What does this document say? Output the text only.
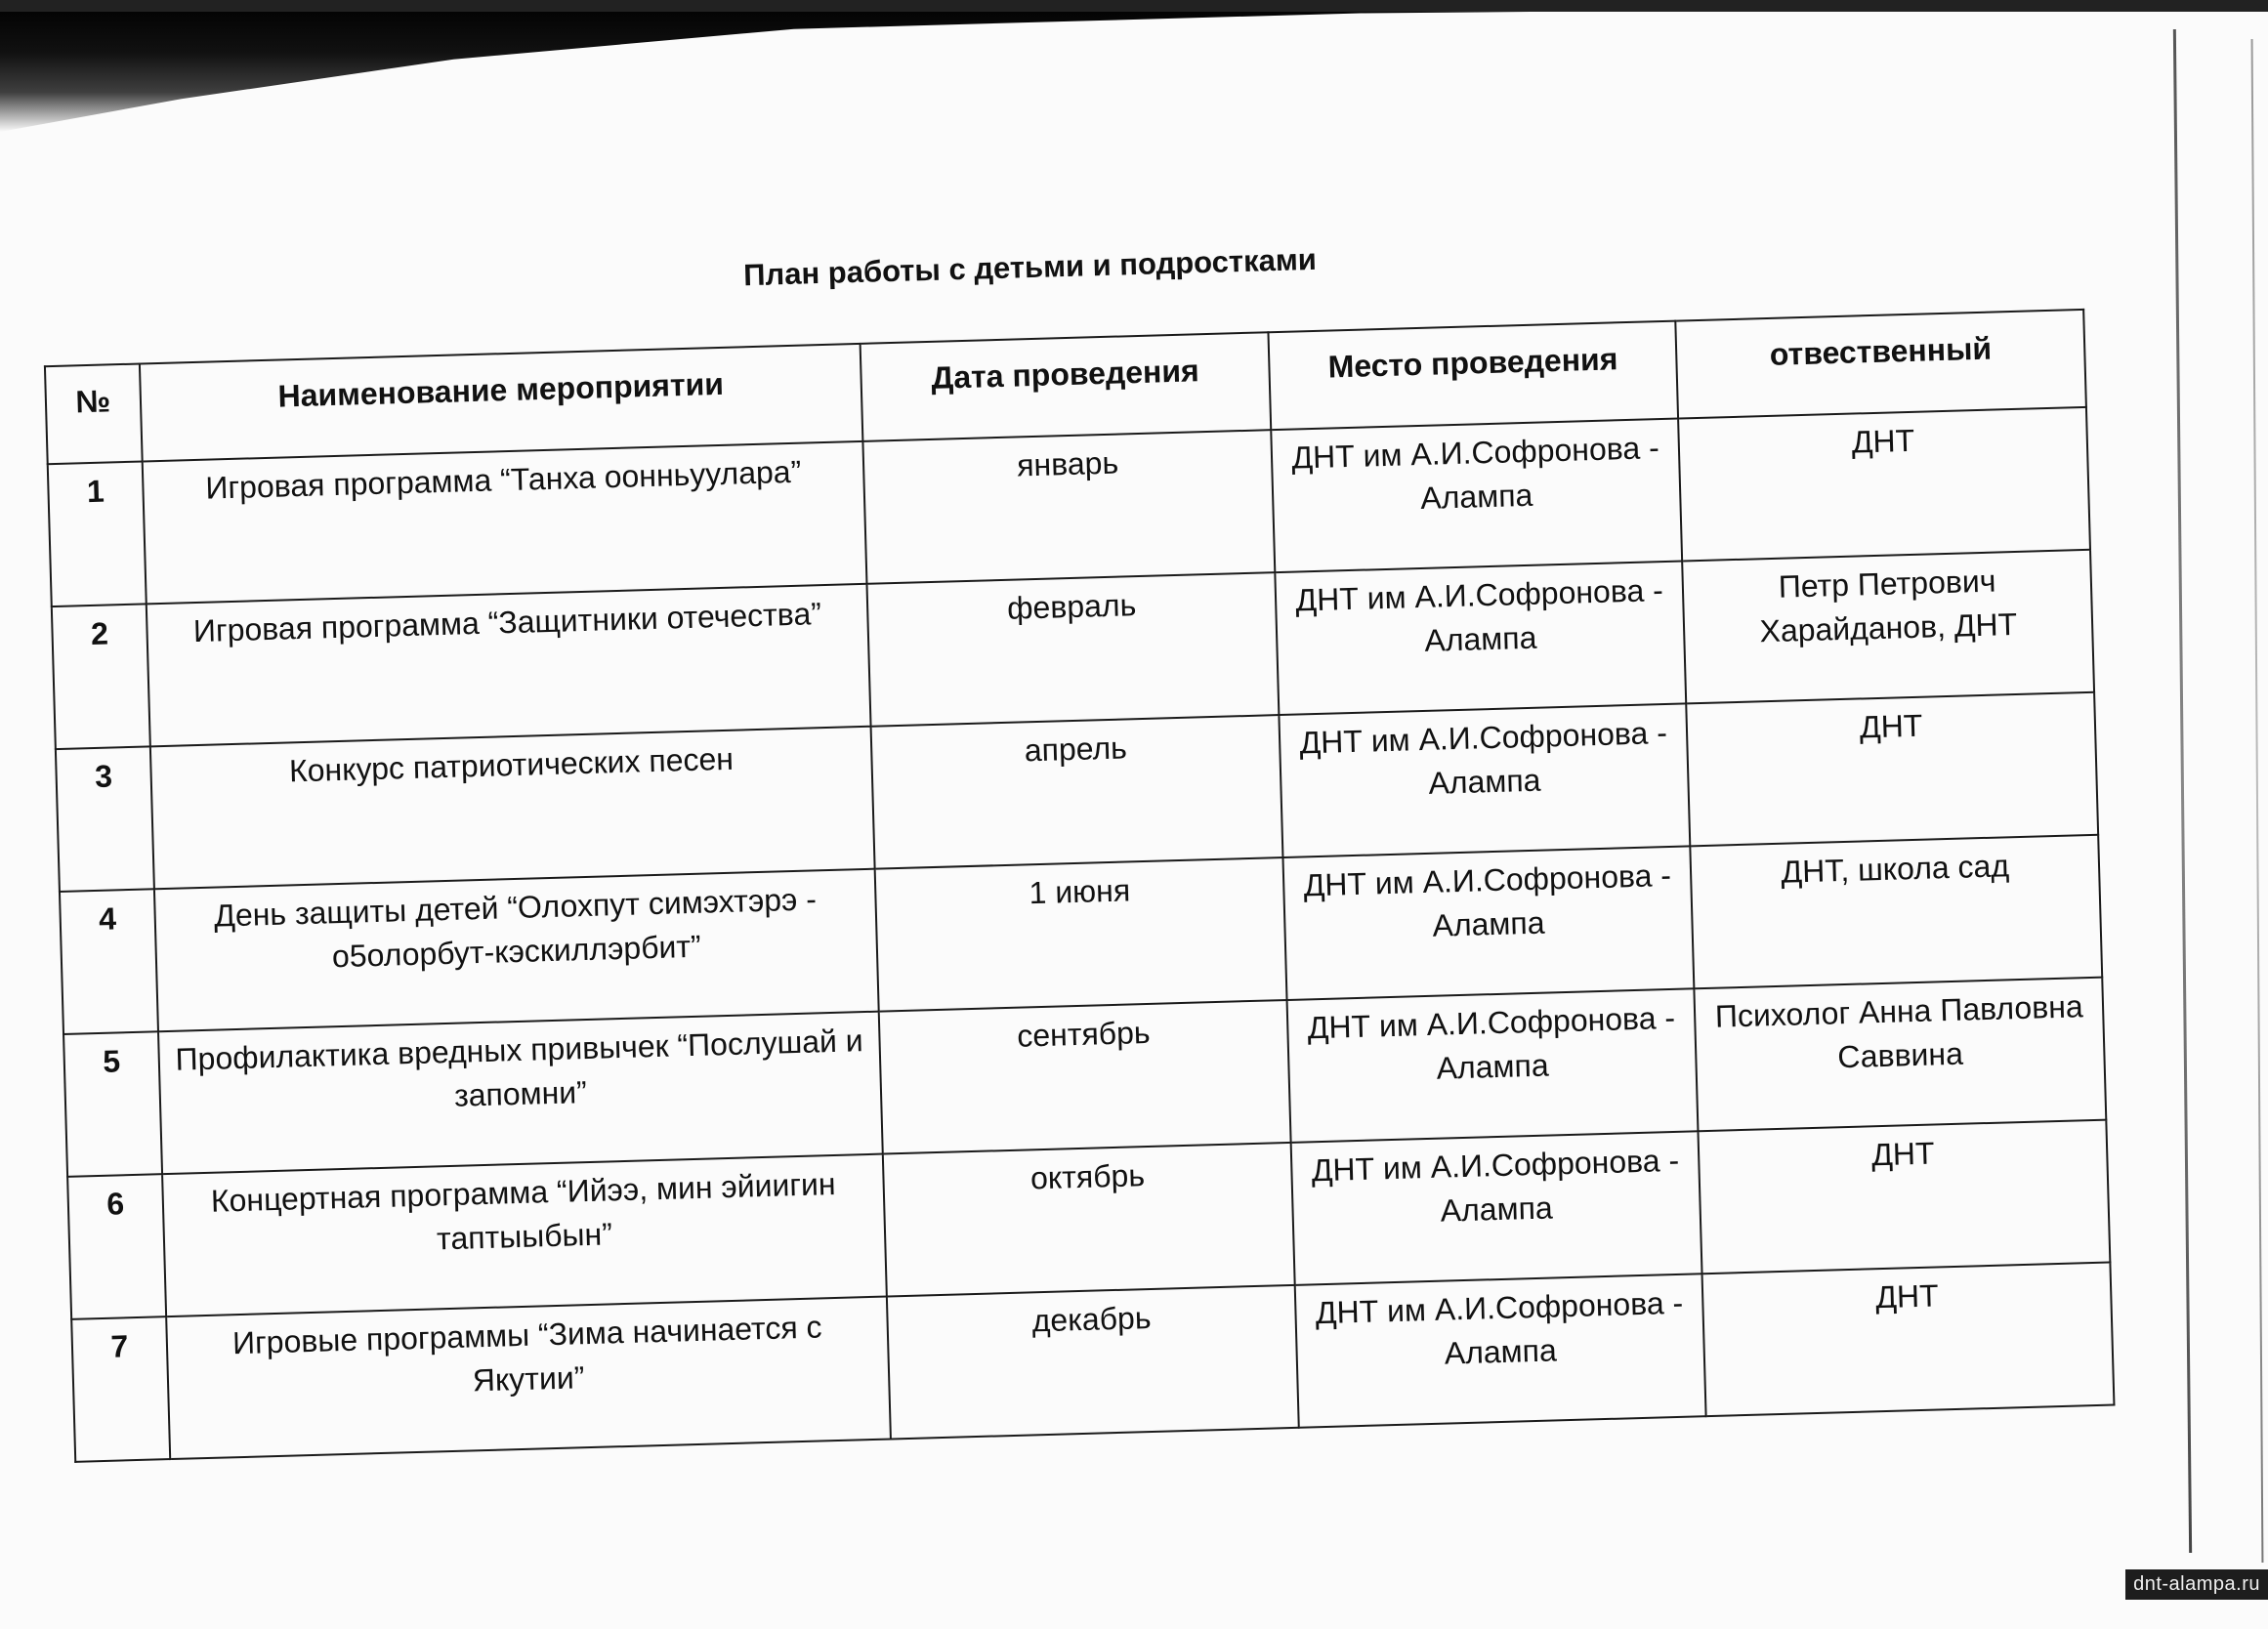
План работы с детьми и подростками
№	Наименование мероприятии	Дата проведения	Место проведения	отвественный
1	Игровая программа “Танха оонньуулара”	январь	ДНТ им А.И.Софронова - Алампа	ДНТ
2	Игровая программа “Защитники отечества”	февраль	ДНТ им А.И.Софронова - Алампа	Петр Петрович Харайданов, ДНТ
3	Конкурс патриотических песен	апрель	ДНТ им А.И.Софронова - Алампа	ДНТ
4	День защиты детей “Олохпут симэхтэрэ - о5олорбут-кэскиллэрбит”	1 июня	ДНТ им А.И.Софронова - Алампа	ДНТ, школа сад
5	Профилактика вредных привычек “Послушай и запомни”	сентябрь	ДНТ им А.И.Софронова - Алампа	Психолог Анна Павловна Саввина
6	Концертная программа “Ийээ, мин эйиигин таптыыбын”	октябрь	ДНТ им А.И.Софронова - Алампа	ДНТ
7	Игровые программы “Зима начинается с Якутии”	декабрь	ДНТ им А.И.Софронова - Алампа	ДНТ
dnt-alampa.ru
